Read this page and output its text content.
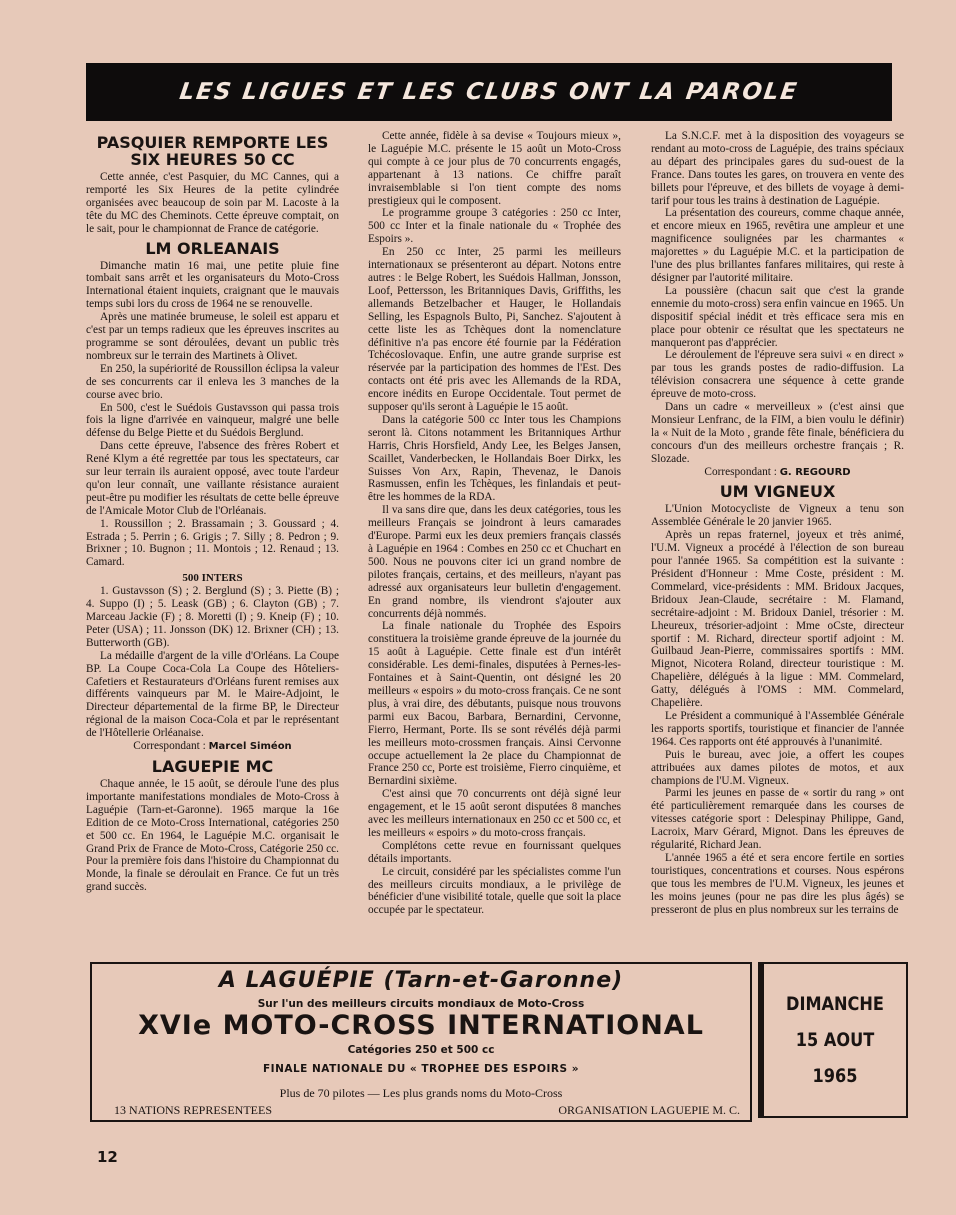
LES LIGUES ET LES CLUBS ONT LA PAROLE
PASQUIER REMPORTE LES SIX HEURES 50 CC

Cette année, c'est Pasquier, du MC Cannes, qui a remporté les Six Heures de la petite cylindrée organisées avec beaucoup de soin par M. Lacoste à la tête du MC des Cheminots. Cette épreuve comptait, on le sait, pour le championnat de France de catégorie.

LM ORLEANAIS

Dimanche matin 16 mai, une petite pluie fine tombait sans arrêt et les organisateurs du Moto-Cross International étaient inquiets, craignant que le mauvais temps subi lors du cross de 1964 ne se renouvelle.

Après une matinée brumeuse, le soleil est apparu et c'est par un temps radieux que les épreuves inscrites au programme se sont déroulées, devant un public très nombreux sur le terrain des Martinets à Olivet.

En 250, la supériorité de Roussillon éclipsa la valeur de ses concurrents car il enleva les 3 manches de la course avec brio.

En 500, c'est le Suédois Gustavsson qui passa trois fois la ligne d'arrivée en vainqueur, malgré une belle défense du Belge Piette et du Suédois Berglund.

Dans cette épreuve, l'absence des frères Robert et René Klym a été regrettée par tous les spectateurs, car sur leur terrain ils auraient opposé, avec toute l'ardeur qu'on leur connaît, une vaillante résistance auraient peut-être pu modifier les résultats de cette belle épreuve de l'Amicale Motor Club de l'Orléanais.

1. Roussillon ; 2. Brassamain ; 3. Goussard ; 4. Estrada ; 5. Perrin ; 6. Grigis ; 7. Silly ; 8. Pedron ; 9. Brixner ; 10. Bugnon ; 11. Montois ; 12. Renaud ; 13. Camard.

500 INTERS

1. Gustavsson (S) ; 2. Berglund (S) ; 3. Piette (B) ; 4. Suppo (I) ; 5. Leask (GB) ; 6. Clayton (GB) ; 7. Marceau Jackie (F) ; 8. Moretti (I) ; 9. Kneip (F) ; 10. Peter (USA) ; 11. Jonsson (DK) 12. Brixner (CH) ; 13. Butterworth (GB).

La médaille d'argent de la ville d'Orléans. La Coupe BP. La Coupe Coca-Cola La Coupe des Hôteliers-Cafetiers et Restaurateurs d'Orléans furent remises aux différents vainqueurs par M. le Maire-Adjoint, le Directeur départemental de la firme BP, le Directeur régional de la maison Coca-Cola et par le représentant de l'Hôtellerie Orléanaise.

Correspondant : Marcel Siméon

LAGUEPIE MC

Chaque année, le 15 août, se déroule l'une des plus importante manifestations mondiales de Moto-Cross à Laguépie (Tarn-et-Garonne). 1965 marque la 16e Edition de ce Moto-Cross International, catégories 250 et 500 cc. En 1964, le Laguépie M.C. organisait le Grand Prix de France de Moto-Cross, Catégorie 250 cc. Pour la première fois dans l'histoire du Championnat du Monde, la finale se déroulait en France. Ce fut un très grand succès.

Cette année, fidèle à sa devise « Toujours mieux », le Laguépie M.C. présente le 15 août un Moto-Cross qui compte à ce jour plus de 70 concurrents engagés, appartenant à 13 nations. Ce chiffre paraît invraisemblable si l'on tient compte des noms prestigieux qui le composent.

Le programme groupe 3 catégories : 250 cc Inter, 500 cc Inter et la finale nationale du « Trophée des Espoirs ».

En 250 cc Inter, 25 parmi les meilleurs internationaux se présenteront au départ. Notons entre autres : le Belge Robert, les Suédois Hallman, Jonsson, Loof, Pettersson, les Britanniques Davis, Griffiths, les allemands Betzelbacher et Hauger, le Hollandais Selling, les Espagnols Bulto, Pi, Sanchez. S'ajoutent à cette liste les as Tchèques dont la nomenclature définitive n'a pas encore été fournie par la Fédération Tchécoslovaque. Enfin, une autre grande surprise est réservée par la participation des hommes de l'Est. Des contacts ont été pris avec les Allemands de la RDA, encore inédits en Europe Occidentale. Tout permet de supposer qu'ils seront à Laguépie le 15 août.

Dans la catégorie 500 cc Inter tous les Champions seront là. Citons notamment les Britanniques Arthur Harris, Chris Horsfield, Andy Lee, les Belges Jansen, Scaillet, Vanderbecken, le Hollandais Boer Dirkx, les Suisses Von Arx, Rapin, Thevenaz, le Danois Rasmussen, enfin les Tchèques, les finlandais et peut-être les hommes de la RDA.

Il va sans dire que, dans les deux catégories, tous les meilleurs Français se joindront à leurs camarades d'Europe. Parmi eux les deux premiers français classés à Laguépie en 1964 : Combes en 250 cc et Chuchart en 500. Nous ne pouvons citer ici un grand nombre de pilotes français, certains, et des meilleurs, n'ayant pas adressé aux organisateurs leur bulletin d'engagement. En grand nombre, ils viendront s'ajouter aux concurrents déjà nommés.

La finale nationale du Trophée des Espoirs constituera la troisième grande épreuve de la journée du 15 août à Laguépie. Cette finale est d'un intérêt considérable. Les demi-finales, disputées à Pernes-les-Fontaines et à Saint-Quentin, ont désigné les 20 meilleurs « espoirs » du moto-cross français. Ce ne sont plus, à vrai dire, des débutants, puisque nous trouvons parmi eux Bacou, Barbara, Bernardini, Cervonne, Fierro, Hermant, Porte. Ils se sont révélés déjà parmi les meilleurs moto-crossmen français. Ainsi Cervonne occupe actuellement la 2e place du Championnat de France 250 cc, Porte est troisième, Fierro cinquième, et Bernardini sixième.

C'est ainsi que 70 concurrents ont déjà signé leur engagement, et le 15 août seront disputées 8 manches avec les meilleurs internationaux en 250 cc et 500 cc, et les meilleurs « espoirs » du moto-cross français.

Complétons cette revue en fournissant quelques détails importants.

Le circuit, considéré par les spécialistes comme l'un des meilleurs circuits mondiaux, a le privilège de bénéficier d'une visibilité totale, quelle que soit la place occupée par le spectateur.

La S.N.C.F. met à la disposition des voyageurs se rendant au moto-cross de Laguépie, des trains spéciaux au départ des principales gares du sud-ouest de la France. Dans toutes les gares, on trouvera en vente des billets pour l'épreuve, et des billets de voyage à demi-tarif pour tous les trains à destination de Laguépie.

La présentation des coureurs, comme chaque année, et encore mieux en 1965, revêtira une ampleur et une magnificence soulignées par les charmantes « majorettes » du Laguépie M.C. et la participation de l'une des plus brillantes fanfares militaires, qui reste à désigner par l'autorité militaire.

La poussière (chacun sait que c'est la grande ennemie du moto-cross) sera enfin vaincue en 1965. Un dispositif spécial inédit et très efficace sera mis en place pour obtenir ce résultat que les spectateurs ne manqueront pas d'apprécier.

Le déroulement de l'épreuve sera suivi « en direct » par tous les grands postes de radio-diffusion. La télévision consacrera une séquence à cette grande épreuve de moto-cross.

Dans un cadre « merveilleux » (c'est ainsi que Monsieur Lenfranc, de la FIM, a bien voulu le définir) la « Nuit de la Moto , grande fête finale, bénéficiera du concours d'un des meilleurs orchestre français ; R. Slozade.

Correspondant : G. REGOURD

UM VIGNEUX

L'Union Motocycliste de Vigneux a tenu son Assemblée Générale le 20 janvier 1965.

Après un repas fraternel, joyeux et très animé, l'U.M. Vigneux a procédé à l'élection de son bureau pour l'année 1965. Sa compétition est la suivante : Président d'Honneur : Mme Coste, président : M. Commelard, vice-présidents : MM. Bridoux Jacques, Bridoux Jean-Claude, secrétaire : M. Flamand, secrétaire-adjoint : M. Bridoux Daniel, trésorier : M. Lheureux, trésorier-adjoint : Mme oCste, directeur sportif : M. Richard, directeur sportif adjoint : M. Guilbaud Jean-Pierre, commissaires sportifs : MM. Mignot, Nicotera Roland, directeur touristique : M. Chapelière, délégués à la ligue : MM. Commelard, Gatty, délégués à l'OMS : MM. Commelard, Chapelière.

Le Président a communiqué à l'Assemblée Générale les rapports sportifs, touristique et financier de l'année 1964. Ces rapports ont été approuvés à l'unanimité.

Puis le bureau, avec joie, a offert les coupes attribuées aux dames pilotes de motos, et aux champions de l'U.M. Vigneux.

Parmi les jeunes en passe de « sortir du rang » ont été particulièrement remarquée dans les courses de vitesses catégorie sport : Delespinay Philippe, Gand, Lacroix, Marv Gérard, Mignot. Dans les épreuves de régularité, Richard Jean.

L'année 1965 a été et sera encore fertile en sorties touristiques, concentrations et courses. Nous espérons que tous les membres de l'U.M. Vigneux, les jeunes et les moins jeunes (pour ne pas dire les plus âgés) se presseront de plus en plus nombreux sur les terrains de

A LAGUÉPIE (Tarn-et-Garonne)
Sur l'un des meilleurs circuits mondiaux de Moto-Cross
XVIe MOTO-CROSS INTERNATIONAL
Catégories 250 et 500 cc
FINALE NATIONALE DU « TROPHEE DES ESPOIRS »
Plus de 70 pilotes — Les plus grands noms du Moto-Cross
13 NATIONS REPRESENTEES	ORGANISATION LAGUEPIE M. C.
DIMANCHE
15 AOUT
1965
12
